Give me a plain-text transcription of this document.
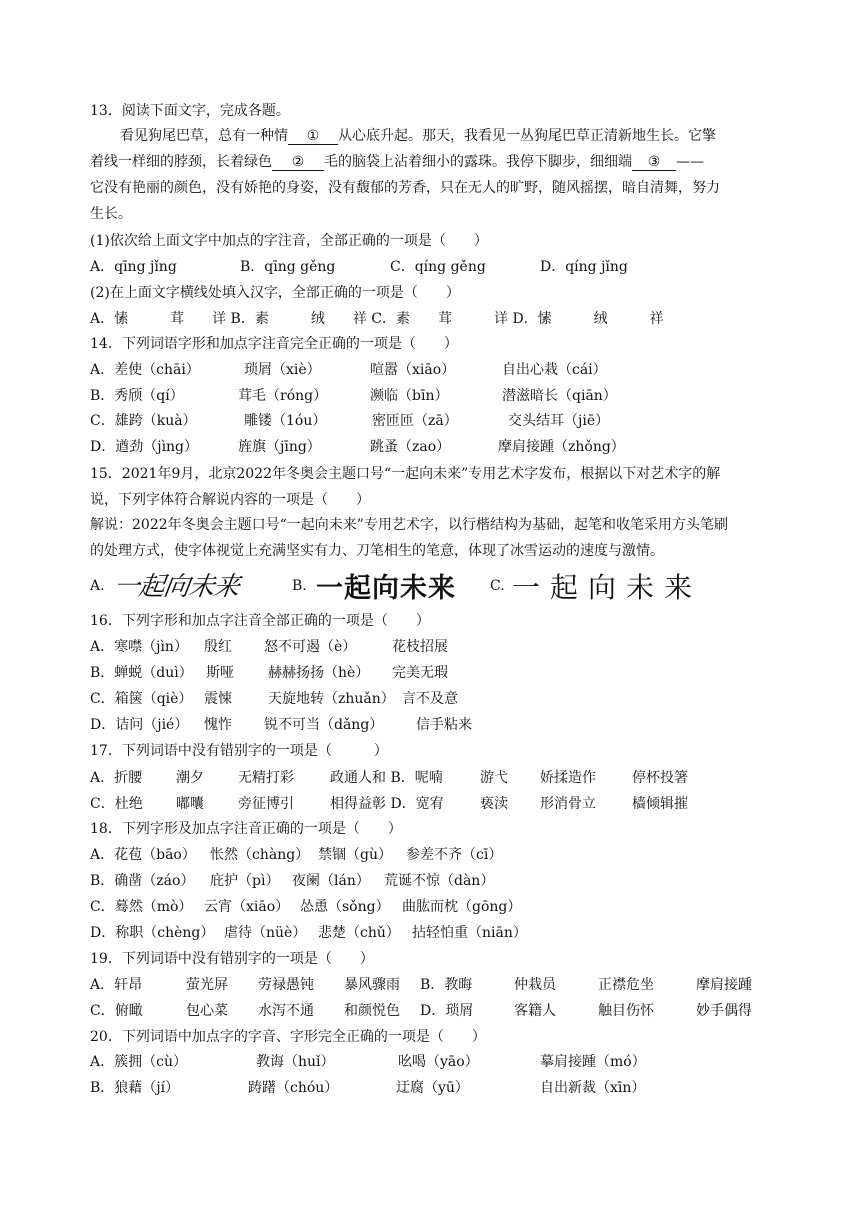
13．阅读下面文字，完成各题。
看见狗尾巴草，总有一种情 ① 从心底升起。那天，我看见一丛狗尾巴草正清新地生长。它擎
着线一样细的脖颈，长着绿色 ② 毛的脑袋上沾着细小的露珠。我停下脚步，细细端 ③ ——
它没有艳丽的颜色，没有娇艳的身姿，没有馥郁的芳香，只在无人的旷野，随风摇摆，暗自清舞，努力
生长。
(1)依次给上面文字中加点的字注音，全部正确的一项是（　　）
A．qīng jǐng	B．qīng gěng	C．qíng gěng	D．qíng jǐng
(2)在上面文字横线处填入汉字，全部正确的一项是（　　）
A．愫　　　茸　　详 B．素　　　绒　　祥 C．素　　茸　　　详 D．愫　　　绒　　　祥
14．下列词语字形和加点字注音完全正确的一项是（　　）
A．差使（chāi）	琐屑（xiè）	喧嚣（xiāo）	自出心栽（cái）
B．秀颀（qí）	茸毛（róng）	濒临（bīn）	潜滋暗长（qiān）
C．雄跨（kuà）	雕镂（1óu）	密匝匝（zā）	交头结耳（jiē）
D．遒劲（jìng）	旌旗（jīng）	跳蚤（zao）	摩肩接踵（zhǒng）
15．2021年9月，北京2022年冬奥会主题口号“一起向未来”专用艺术字发布，根据以下对艺术字的解
说，下列字体符合解说内容的一项是（　　）
解说：2022年冬奥会主题口号“一起向未来”专用艺术字，以行楷结构为基础，起笔和收笔采用方头笔刷
的处理方式，使字体视觉上充满坚实有力、刀笔相生的笔意，体现了冰雪运动的速度与激情。
A. 一起向未来	B. 一起向未来 C. 一起向未来
16．下列字形和加点字注音全部正确的一项是（　　）
A．寒噤（jìn） 殷红 怒不可遏（è）	花枝招展
B．蝉蜕（duì） 斯哑 赫赫扬扬（hè） 完美无瑕
C．箱箧（qiè） 震悚	天旋地转（zhuǎn） 言不及意
D．诘问（jié） 愧怍 锐不可当（dǎng） 信手粘来
17．下列词语中没有错别字的一项是（　　　）
A．折腰 潮夕 无精打彩	政通人和 B．呢喃	游弋 娇揉造作	停杯投箸
C．杜绝 嘟囔 旁征博引	相得益彰 D．宽宥	亵渎 形消骨立	樯倾辑摧
18．下列字形及加点字注音正确的一项是（　　）
A．花苞（bāo） 怅然（chàng） 禁锢（gù） 参差不齐（cī）
B．确凿（záo） 庇护（pì） 夜阑（lán） 荒诞不惊（dàn）
C．蓦然（mò） 云宵（xiāo） 怂恿（sǒng） 曲肱而枕（gōng）
D．称职（chèng） 虐待（nüè） 悲楚（chǔ） 拈轻怕重（niān）
19．下列词语中没有错别字的一项是（　　）
A．轩昂	萤光屏 劳禄愚钝 暴风骤雨 B．教晦	仲栽员	正襟危坐	摩肩接踵
C．俯瞰	包心菜 水泻不通 和颜悦色 D．琐屑	客籍人	触目伤怀	妙手偶得
20．下列词语中加点字的字音、字形完全正确的一项是（　　）
A．簇拥（cù）	教诲（huǐ）	吆喝（yāo）	摹肩接踵（mó）
B．狼藉（jí）	踌躇（chóu）	迂腐（yū）	自出新裁（xīn）
